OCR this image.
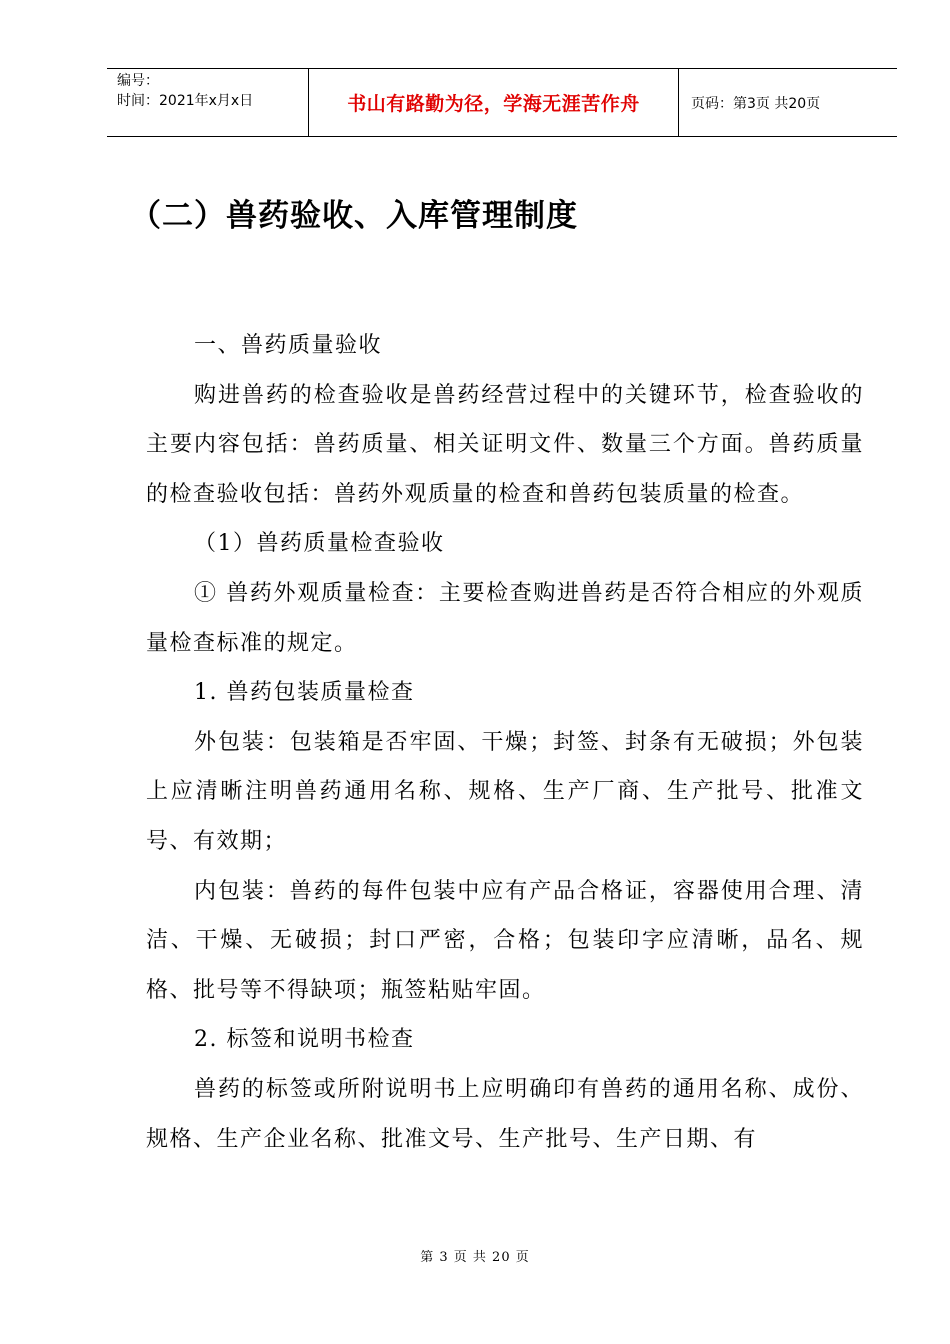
编号：
时间：2021年x月x日	书山有路勤为径，学海无涯苦作舟	页码：第3页 共20页
（二）兽药验收、入库管理制度

一、兽药质量验收

购进兽药的检查验收是兽药经营过程中的关键环节，检查验收的主要内容包括：兽药质量、相关证明文件、数量三个方面。兽药质量的检查验收包括：兽药外观质量的检查和兽药包装质量的检查。

（1）兽药质量检查验收

① 兽药外观质量检查：主要检查购进兽药是否符合相应的外观质量检查标准的规定。

1. 兽药包装质量检查

外包装：包装箱是否牢固、干燥；封签、封条有无破损；外包装上应清晰注明兽药通用名称、规格、生产厂商、生产批号、批准文号、有效期；

内包装：兽药的每件包装中应有产品合格证，容器使用合理、清洁、干燥、无破损；封口严密，合格；包装印字应清晰，品名、规格、批号等不得缺项；瓶签粘贴牢固。

2. 标签和说明书检查

兽药的标签或所附说明书上应明确印有兽药的通用名称、成份、规格、生产企业名称、批准文号、生产批号、生产日期、有

第 3 页 共 20 页
